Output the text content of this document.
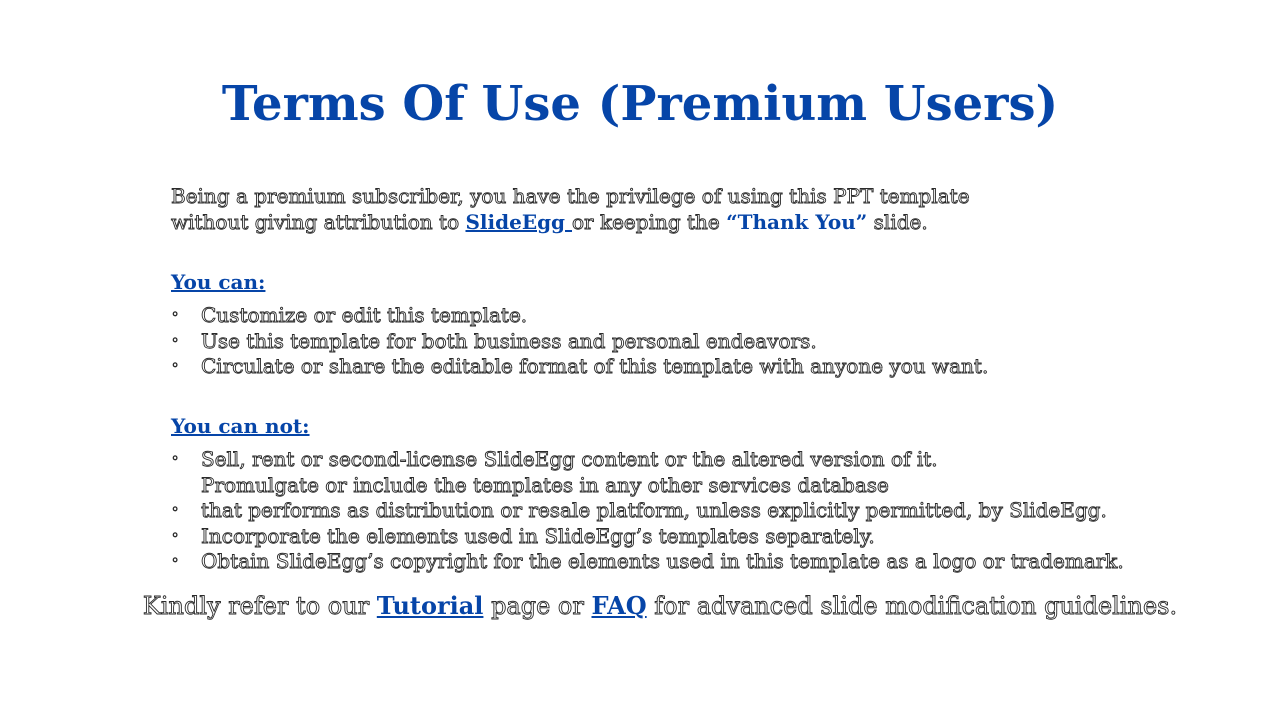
Terms Of Use (Premium Users)

Being a premium subscriber, you have the privilege of using this PPT template
without giving attribution to SlideEgg or keeping the “Thank You” slide.

You can:

◦ Customize or edit this template.
◦ Use this template for both business and personal endeavors.
◦ Circulate or share the editable format of this template with anyone you want.

You can not:

◦ Sell, rent or second-license SlideEgg content or the altered version of it.
Promulgate or include the templates in any other services database
◦ that performs as distribution or resale platform, unless explicitly permitted, by SlideEgg.
◦ Incorporate the elements used in SlideEgg’s templates separately.
◦ Obtain SlideEgg’s copyright for the elements used in this template as a logo or trademark.

Kindly refer to our Tutorial page or FAQ for advanced slide modification guidelines.
